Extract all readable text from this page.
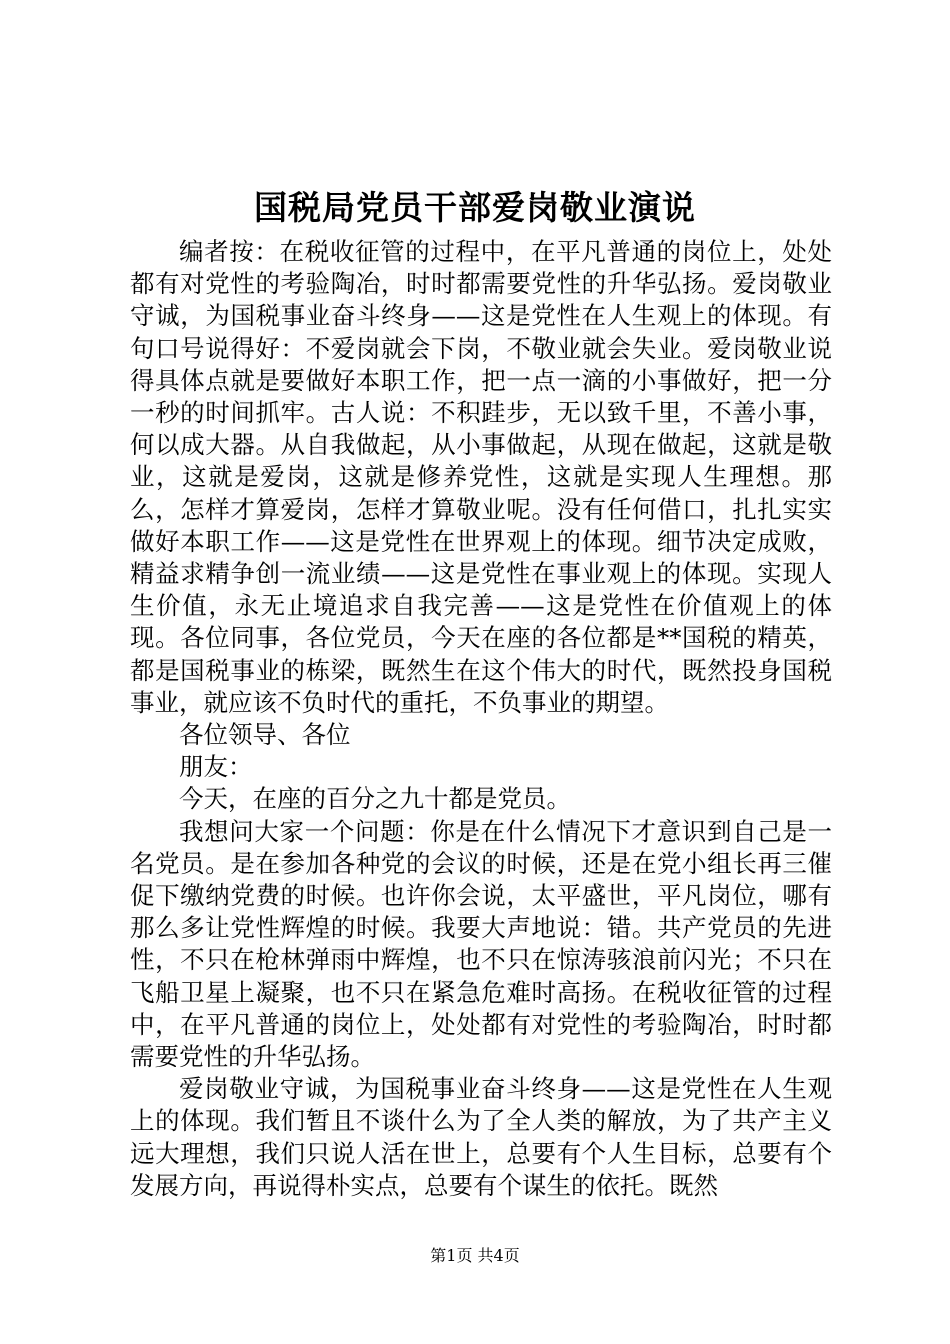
国税局党员干部爱岗敬业演说

编者按：在税收征管的过程中，在平凡普通的岗位上，处处都有对党性的考验陶冶，时时都需要党性的升华弘扬。爱岗敬业守诚，为国税事业奋斗终身——这是党性在人生观上的体现。有句口号说得好：不爱岗就会下岗，不敬业就会失业。爱岗敬业说得具体点就是要做好本职工作，把一点一滴的小事做好，把一分一秒的时间抓牢。古人说：不积跬步，无以致千里，不善小事，何以成大器。从自我做起，从小事做起，从现在做起，这就是敬业，这就是爱岗，这就是修养党性，这就是实现人生理想。那么，怎样才算爱岗，怎样才算敬业呢。没有任何借口，扎扎实实做好本职工作——这是党性在世界观上的体现。细节决定成败，精益求精争创一流业绩——这是党性在事业观上的体现。实现人生价值，永无止境追求自我完善——这是党性在价值观上的体现。各位同事，各位党员，今天在座的各位都是**国税的精英，都是国税事业的栋梁，既然生在这个伟大的时代，既然投身国税事业，就应该不负时代的重托，不负事业的期望。

各位领导、各位

朋友：

今天，在座的百分之九十都是党员。

我想问大家一个问题：你是在什么情况下才意识到自己是一名党员。是在参加各种党的会议的时候，还是在党小组长再三催促下缴纳党费的时候。也许你会说，太平盛世，平凡岗位，哪有那么多让党性辉煌的时候。我要大声地说：错。共产党员的先进性，不只在枪林弹雨中辉煌，也不只在惊涛骇浪前闪光；不只在飞船卫星上凝聚，也不只在紧急危难时高扬。在税收征管的过程中，在平凡普通的岗位上，处处都有对党性的考验陶冶，时时都需要党性的升华弘扬。

爱岗敬业守诚，为国税事业奋斗终身——这是党性在人生观上的体现。我们暂且不谈什么为了全人类的解放，为了共产主义远大理想，我们只说人活在世上，总要有个人生目标，总要有个发展方向，再说得朴实点，总要有个谋生的依托。既然

第1页 共4页
